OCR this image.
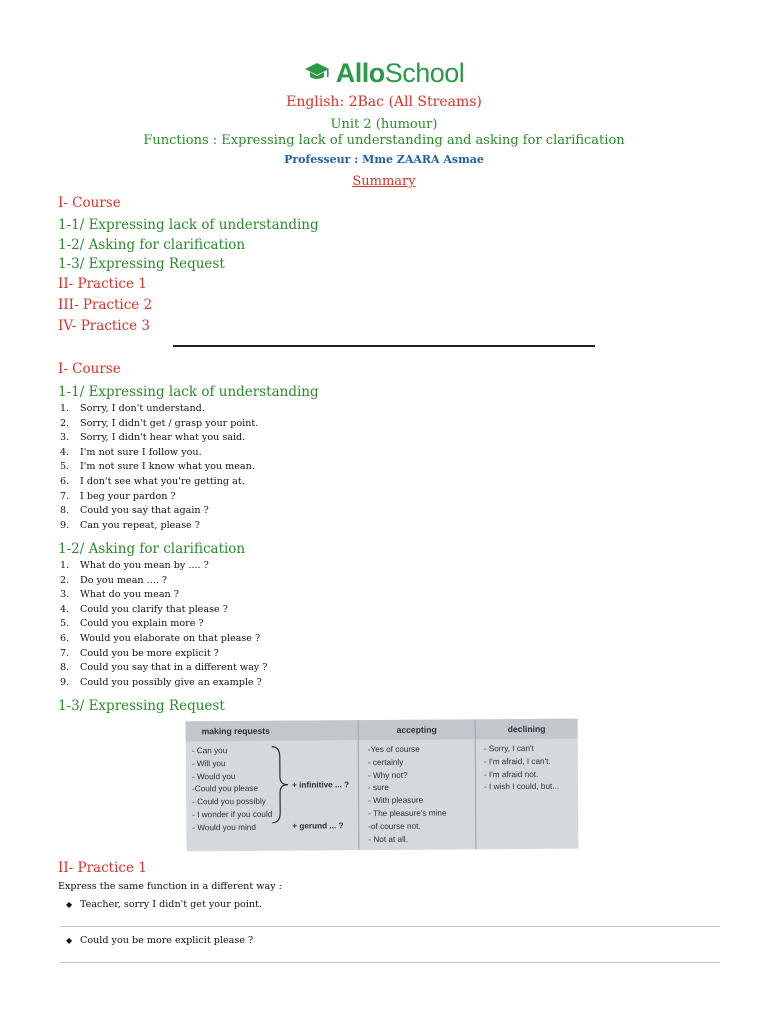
AlloSchool
English: 2Bac (All Streams)
Unit 2 (humour)
Functions : Expressing lack of understanding and asking for clarification
Professeur : Mme ZAARA Asmae
Summary
I- Course
1-1/ Expressing lack of understanding
1-2/ Asking for clarification
1-3/ Expressing Request
II- Practice 1
III- Practice 2
IV- Practice 3
I- Course
1-1/ Expressing lack of understanding
1. Sorry, I don't understand.
2. Sorry, I didn't get / grasp your point.
3. Sorry, I didn't hear what you said.
4. I'm not sure I follow you.
5. I'm not sure I know what you mean.
6. I don't see what you're getting at.
7. I beg your pardon ?
8. Could you say that again ?
9. Can you repeat, please ?
1-2/ Asking for clarification
1. What do you mean by .... ?
2. Do you mean .... ?
3. What do you mean ?
4. Could you clarify that please ?
5. Could you explain more ?
6. Would you elaborate on that please ?
7. Could you be more explicit ?
8. Could you say that in a different way ?
9. Could you possibly give an example ?
1-3/ Expressing Request
making requests	accepting	declining
- Can you
- Will you
- Would you
-Could you please
- Could you possibly
- I wonder if you could
- Would you mind
+ infinitive ... ?
+ gerund ... ?
-Yes of course
- certainly
- Why not?
- sure
- With pleasure
- The pleasure's mine
-of course not.
- Not at all.
- Sorry, I can't
- I'm afraid, I can't.
- I'm afraid not.
- I wish I could, but...
II- Practice 1
Express the same function in a different way :
◆ Teacher, sorry I didn't get your point.
◆ Could you be more explicit please ?
